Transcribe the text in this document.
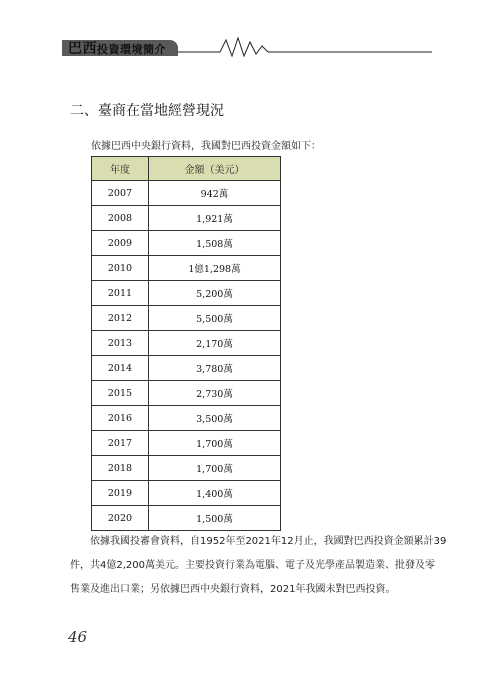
巴西投資環境簡介
二、臺商在當地經營現況
依據巴西中央銀行資料，我國對巴西投資金額如下：
年度	金額（美元）
2007	942萬
2008	1,921萬
2009	1,508萬
2010	1億1,298萬
2011	5,200萬
2012	5,500萬
2013	2,170萬
2014	3,780萬
2015	2,730萬
2016	3,500萬
2017	1,700萬
2018	1,700萬
2019	1,400萬
2020	1,500萬
依據我國投審會資料，自1952年至2021年12月止，我國對巴西投資金額累計39
件，共4億2,200萬美元。主要投資行業為電腦、電子及光學產品製造業、批發及零
售業及進出口業；另依據巴西中央銀行資料，2021年我國未對巴西投資。
46
